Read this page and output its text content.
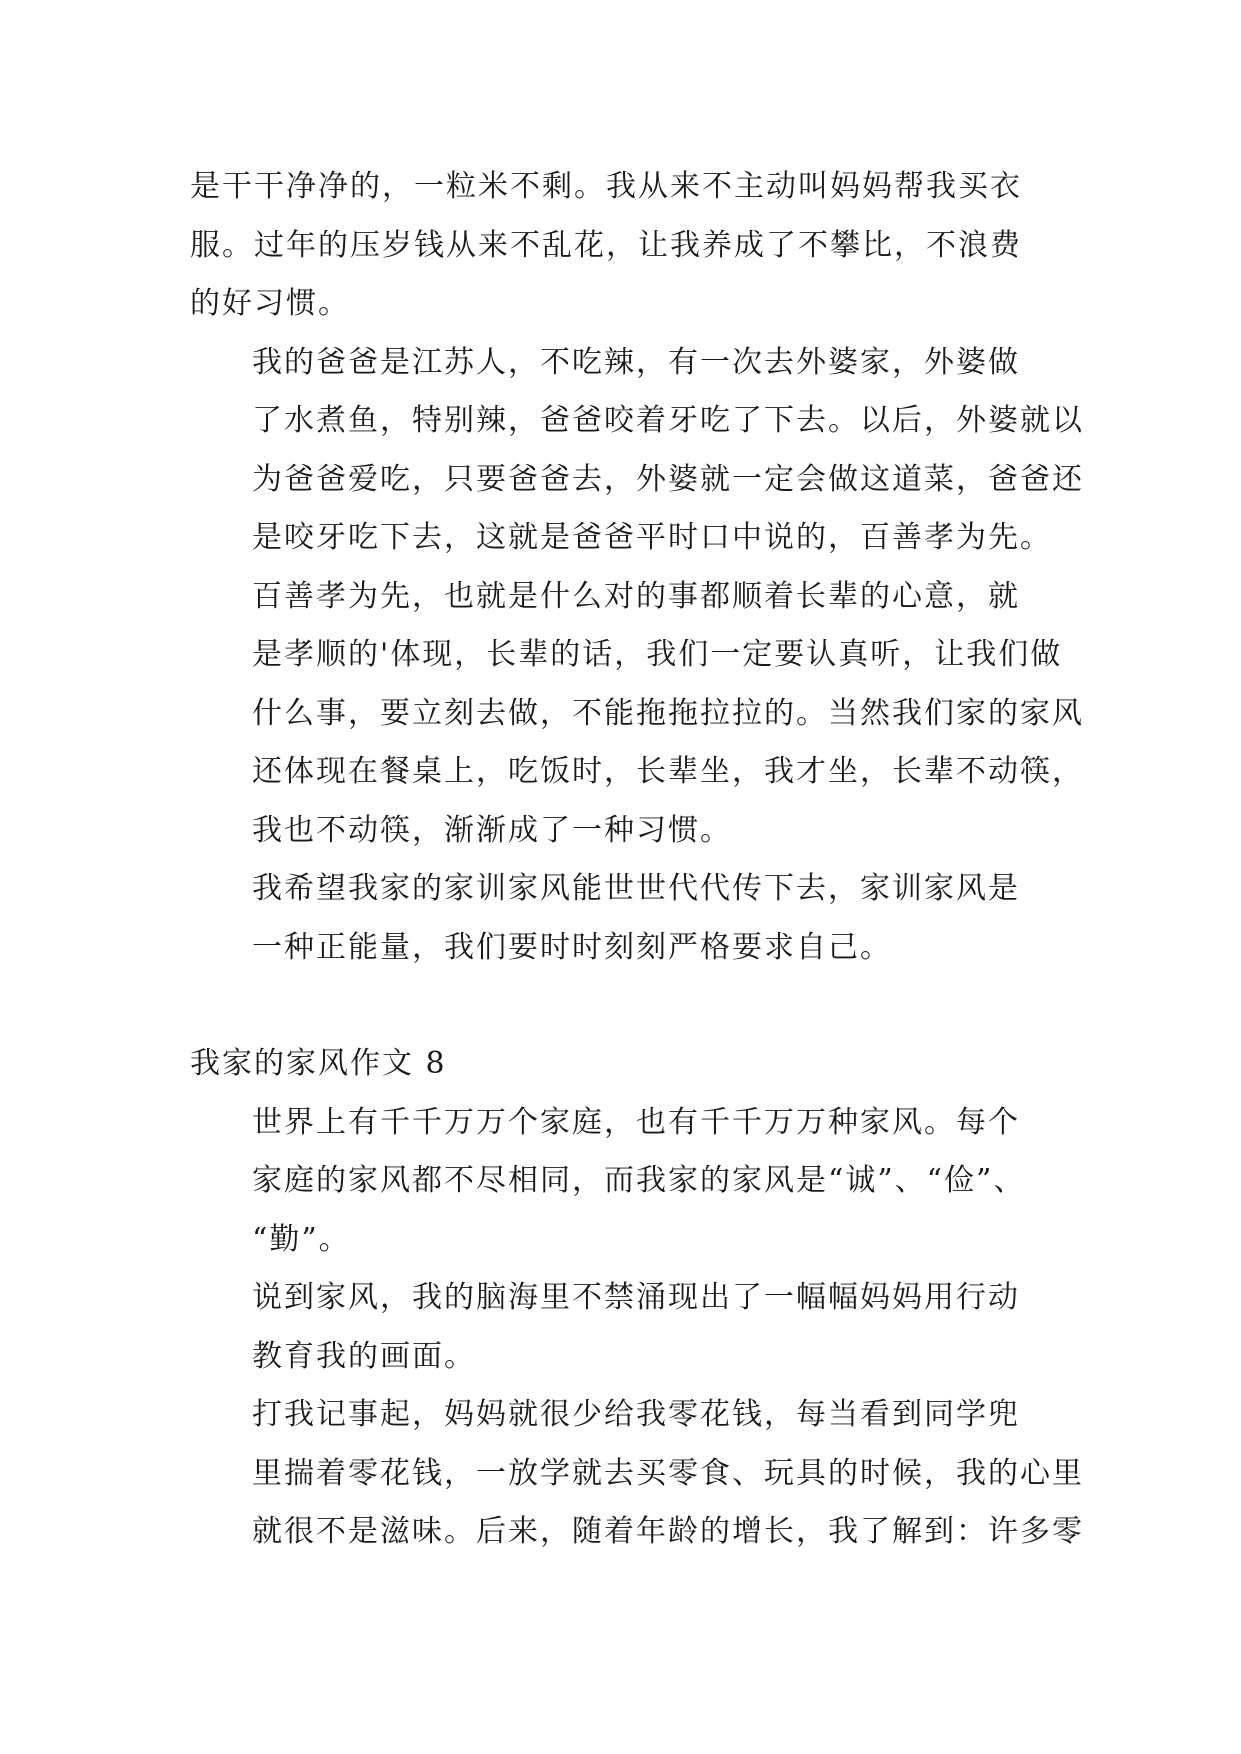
是干干净净的，一粒米不剩。我从来不主动叫妈妈帮我买衣
服。过年的压岁钱从来不乱花，让我养成了不攀比，不浪费
的好习惯。
我的爸爸是江苏人，不吃辣，有一次去外婆家，外婆做
了水煮鱼，特别辣，爸爸咬着牙吃了下去。以后，外婆就以
为爸爸爱吃，只要爸爸去，外婆就一定会做这道菜，爸爸还
是咬牙吃下去，这就是爸爸平时口中说的，百善孝为先。
百善孝为先，也就是什么对的事都顺着长辈的心意，就
是孝顺的'体现，长辈的话，我们一定要认真听，让我们做
什么事，要立刻去做，不能拖拖拉拉的。当然我们家的家风
还体现在餐桌上，吃饭时，长辈坐，我才坐，长辈不动筷，
我也不动筷，渐渐成了一种习惯。
我希望我家的家训家风能世世代代传下去，家训家风是
一种正能量，我们要时时刻刻严格要求自己。
我家的家风作文 8
世界上有千千万万个家庭，也有千千万万种家风。每个
家庭的家风都不尽相同，而我家的家风是“诚”、“俭”、
“勤”。
说到家风，我的脑海里不禁涌现出了一幅幅妈妈用行动
教育我的画面。
打我记事起，妈妈就很少给我零花钱，每当看到同学兜
里揣着零花钱，一放学就去买零食、玩具的时候，我的心里
就很不是滋味。后来，随着年龄的增长，我了解到：许多零
